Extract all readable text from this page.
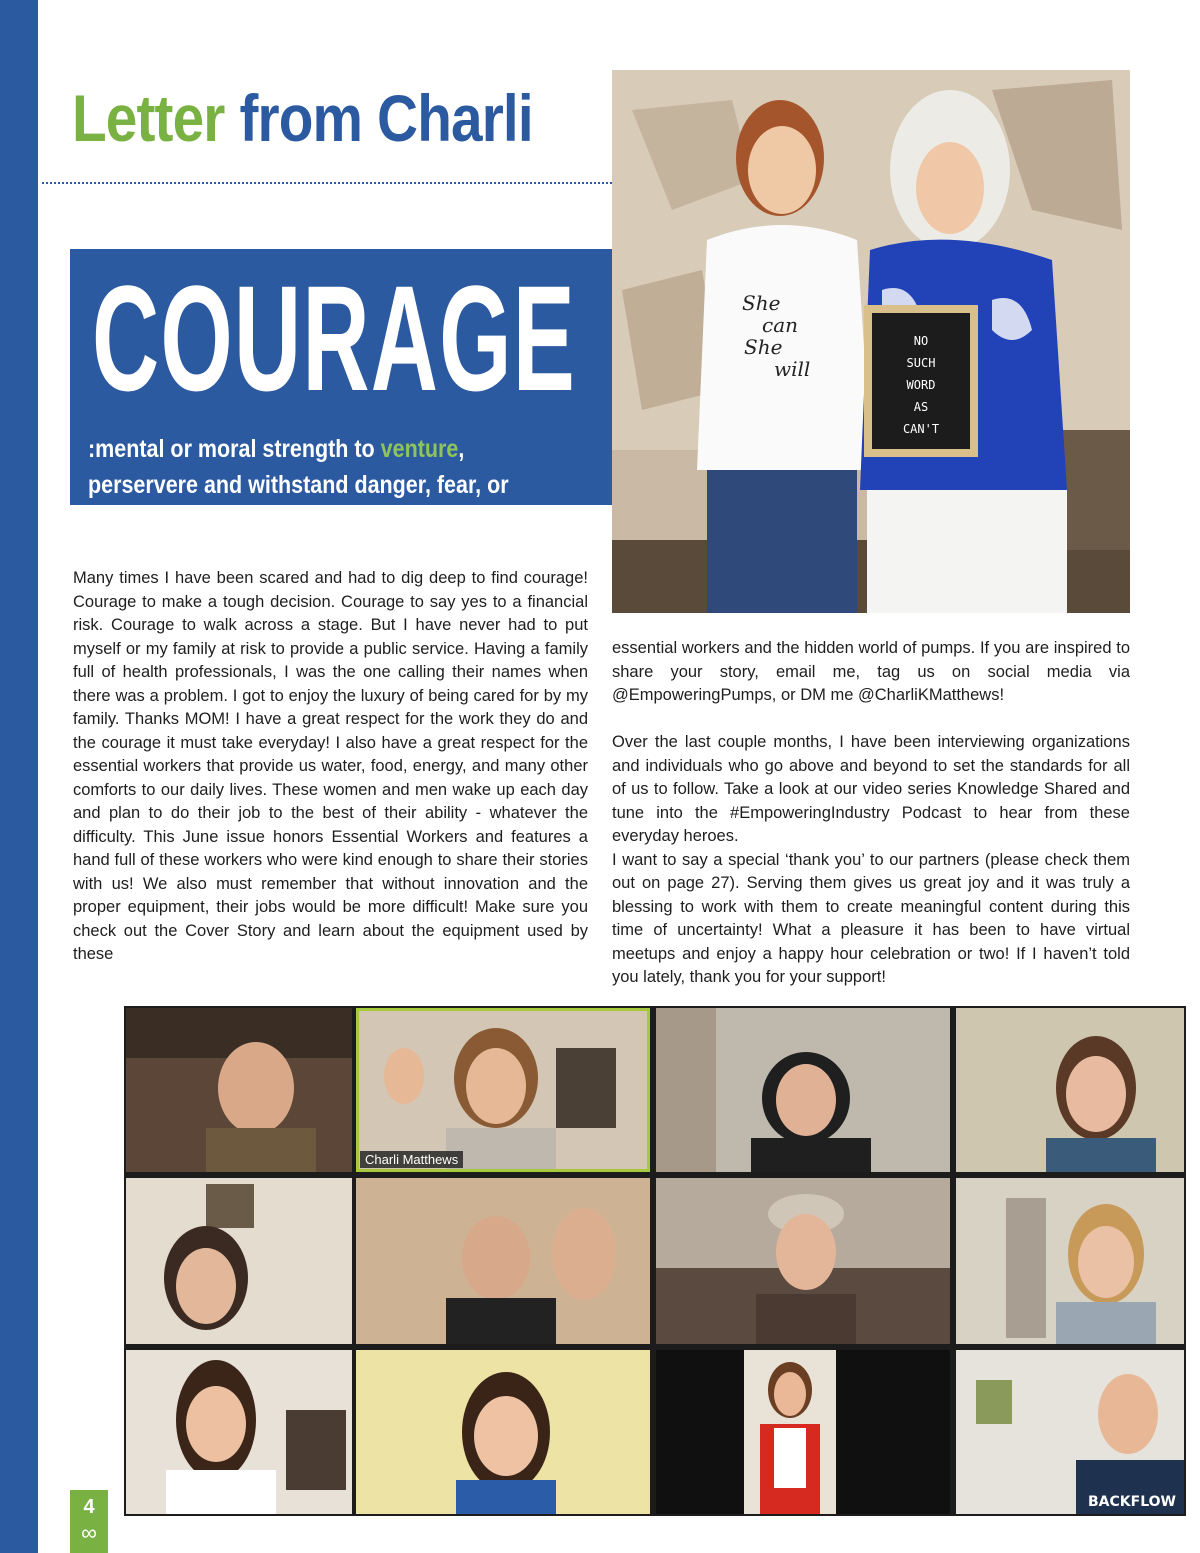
Letter from Charli
COURAGE
:mental or moral strength to venture, perservere and withstand danger, fear, or difficulty
She
can
She
will
NO
SUCH
WORD
AS
CAN'T

Many times I have been scared and had to dig deep to find courage! Courage to make a tough decision. Courage to say yes to a financial risk. Courage to walk across a stage. But I have never had to put myself or my family at risk to provide a public service. Having a family full of health professionals, I was the one calling their names when there was a problem. I got to enjoy the luxury of being cared for by my family. Thanks MOM! I have a great respect for the work they do and the courage it must take everyday! I also have a great respect for the essential workers that provide us water, food, energy, and many other comforts to our daily lives. These women and men wake up each day and plan to do their job to the best of their ability - whatever the difficulty. This June issue honors Essential Workers and features a hand full of these workers who were kind enough to share their stories with us! We also must remember that without innovation and the proper equipment, their jobs would be more difficult! Make sure you check out the Cover Story and learn about the equipment used by these

essential workers and the hidden world of pumps. If you are inspired to share your story, email me, tag us on social media via @EmpoweringPumps, or DM me @CharliKMatthews!

Over the last couple months, I have been interviewing organizations and individuals who go above and beyond to set the standards for all of us to follow. Take a look at our video series Knowledge Shared and tune into the #EmpoweringIndustry Podcast to hear from these everyday heroes.

I want to say a special ‘thank you’ to our partners (please check them out on page 27). Serving them gives us great joy and it was truly a blessing to work with them to create meaningful content during this time of uncertainty! What a pleasure it has been to have virtual meetups and enjoy a happy hour celebration or two! If I haven’t told you lately, thank you for your support!

Charli Matthews
BACKFLOW
4
∞
